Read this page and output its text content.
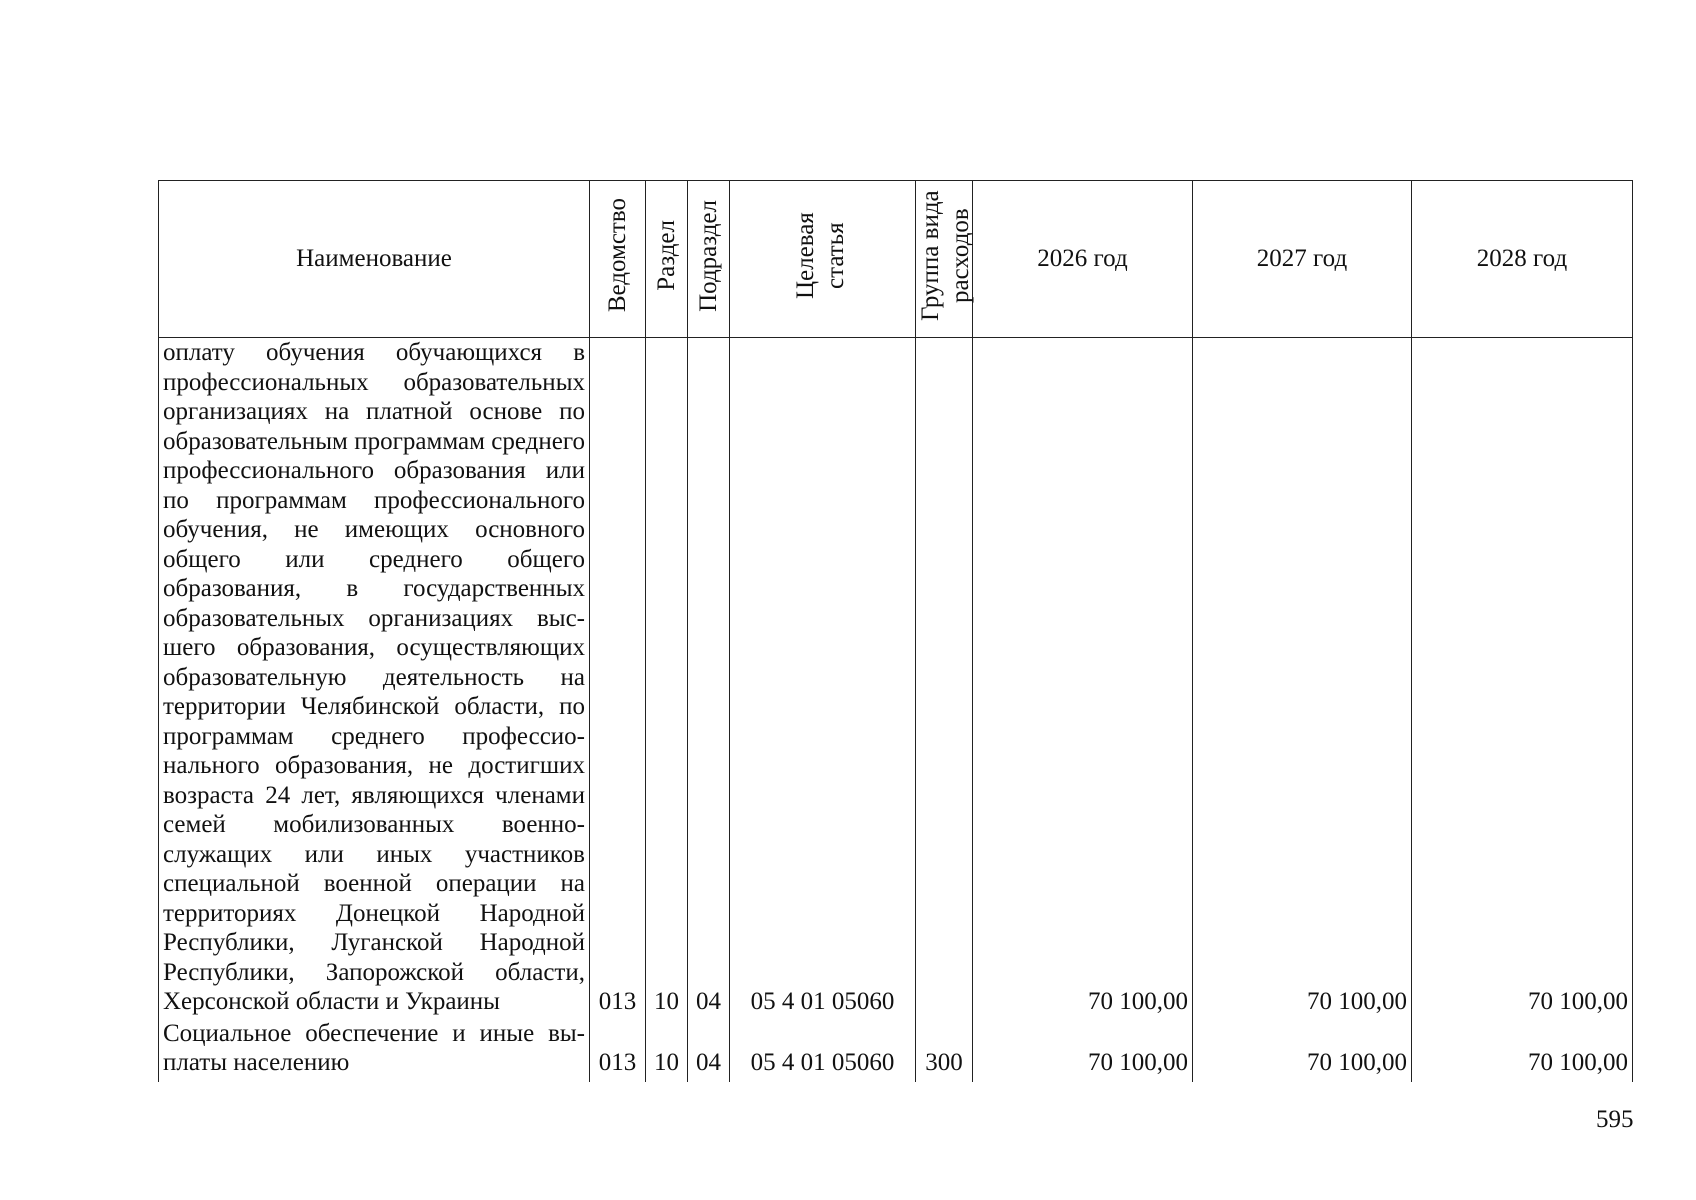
Наименование	Ведомство	Раздел	Подраздел	Целевая статья	Группа вида расходов	2026 год	2027 год	2028 год
оплату обучения обучающихся в профессиональных образовательных организациях на платной основе по образовательным программам среднего профессионального образования или по программам профессионального обучения, не имеющих основного общего или среднего общего образования, в государственных образовательных организациях высшего образования, осуществляющих образовательную деятельность на территории Челябинской области, по программам среднего профессионального образования, не достигших возраста 24 лет, являющихся членами семей мобилизованных военнослужащих или иных участников специальной военной операции на территориях Донецкой Народной Республики, Луганской Народной Республики, Запорожской области,
Херсонской области и Украины	013	10	04	05 4 01 05060		70 100,00	70 100,00	70 100,00
Социальное обеспечение и иные выплаты населению	013	10	04	05 4 01 05060	300	70 100,00	70 100,00	70 100,00
595
